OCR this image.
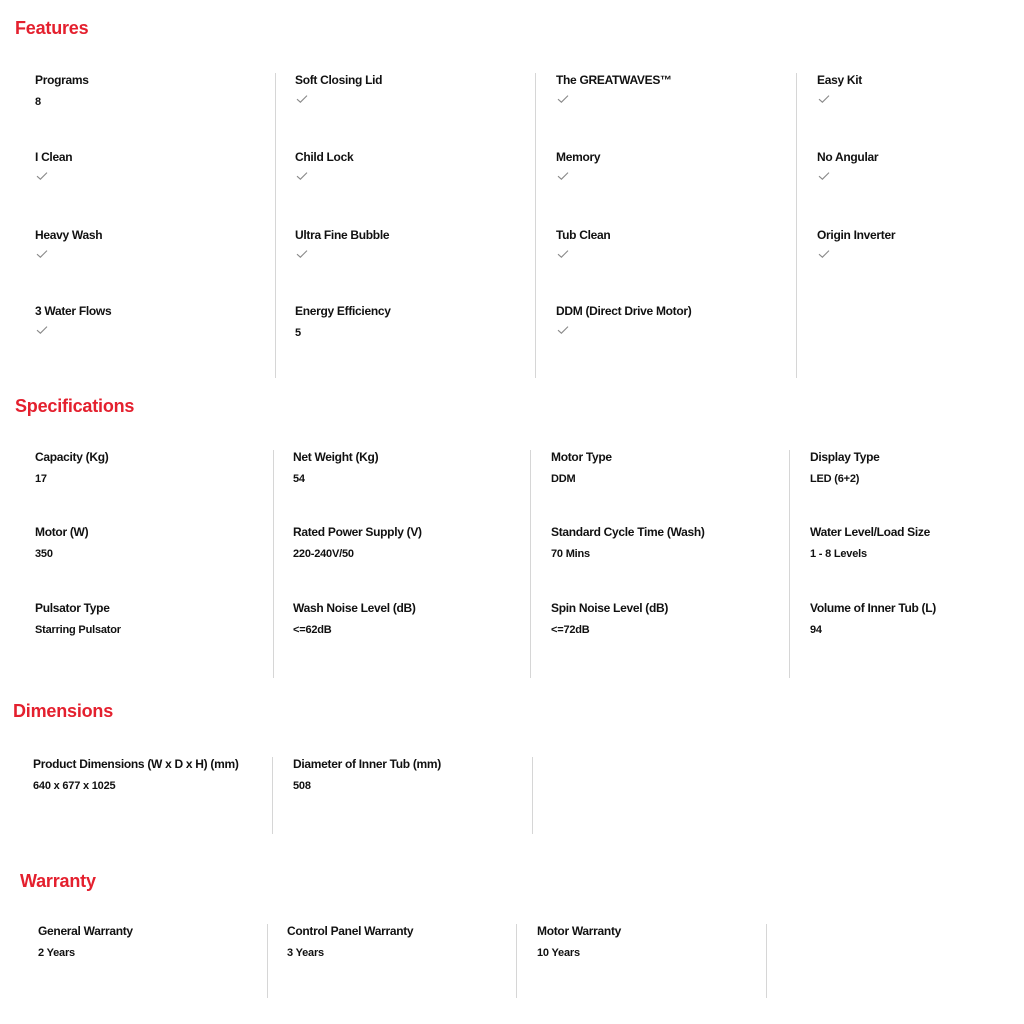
Features
Specifications
Dimensions
Warranty
Programs
8
I Clean
Heavy Wash
3 Water Flows
Soft Closing Lid
Child Lock
Ultra Fine Bubble
Energy Efficiency
5
The GREATWAVES™
Memory
Tub Clean
DDM (Direct Drive Motor)
Easy Kit
No Angular
Origin Inverter
Capacity (Kg)
17
Motor (W)
350
Pulsator Type
Starring Pulsator
Net Weight (Kg)
54
Rated Power Supply (V)
220-240V/50
Wash Noise Level (dB)
<=62dB
Motor Type
DDM
Standard Cycle Time (Wash)
70 Mins
Spin Noise Level (dB)
<=72dB
Display Type
LED (6+2)
Water Level/Load Size
1 - 8 Levels
Volume of Inner Tub (L)
94
Product Dimensions (W x D x H) (mm)
640 x 677 x 1025
Diameter of Inner Tub (mm)
508
General Warranty
2 Years
Control Panel Warranty
3 Years
Motor Warranty
10 Years
